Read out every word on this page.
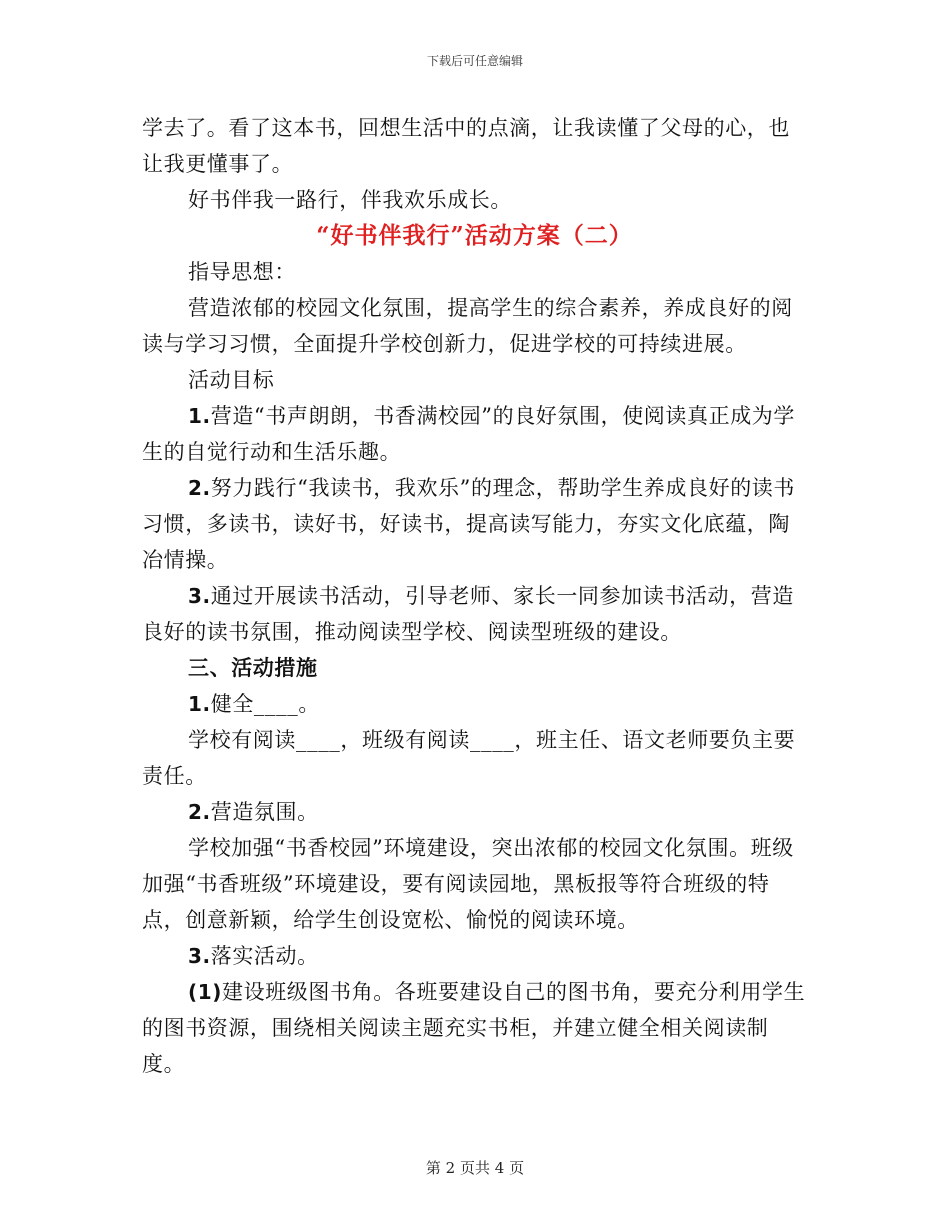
下载后可任意编辑

学去了。看了这本书，回想生活中的点滴，让我读懂了父母的心，也让我更懂事了。

好书伴我一路行，伴我欢乐成长。

“好书伴我行”活动方案（二）

指导思想：

营造浓郁的校园文化氛围，提高学生的综合素养，养成良好的阅读与学习习惯，全面提升学校创新力，促进学校的可持续进展。

活动目标

1.营造“书声朗朗，书香满校园”的良好氛围，使阅读真正成为学生的自觉行动和生活乐趣。

2.努力践行“我读书，我欢乐”的理念，帮助学生养成良好的读书习惯，多读书，读好书，好读书，提高读写能力，夯实文化底蕴，陶冶情操。

3.通过开展读书活动，引导老师、家长一同参加读书活动，营造良好的读书氛围，推动阅读型学校、阅读型班级的建设。

三、活动措施

1.健全____。

学校有阅读____，班级有阅读____，班主任、语文老师要负主要责任。

2.营造氛围。

学校加强“书香校园”环境建设，突出浓郁的校园文化氛围。班级加强“书香班级”环境建设，要有阅读园地，黑板报等符合班级的特点，创意新颖，给学生创设宽松、愉悦的阅读环境。

3.落实活动。

(1)建设班级图书角。各班要建设自己的图书角，要充分利用学生的图书资源，围绕相关阅读主题充实书柜，并建立健全相关阅读制度。

第 2 页共 4 页
